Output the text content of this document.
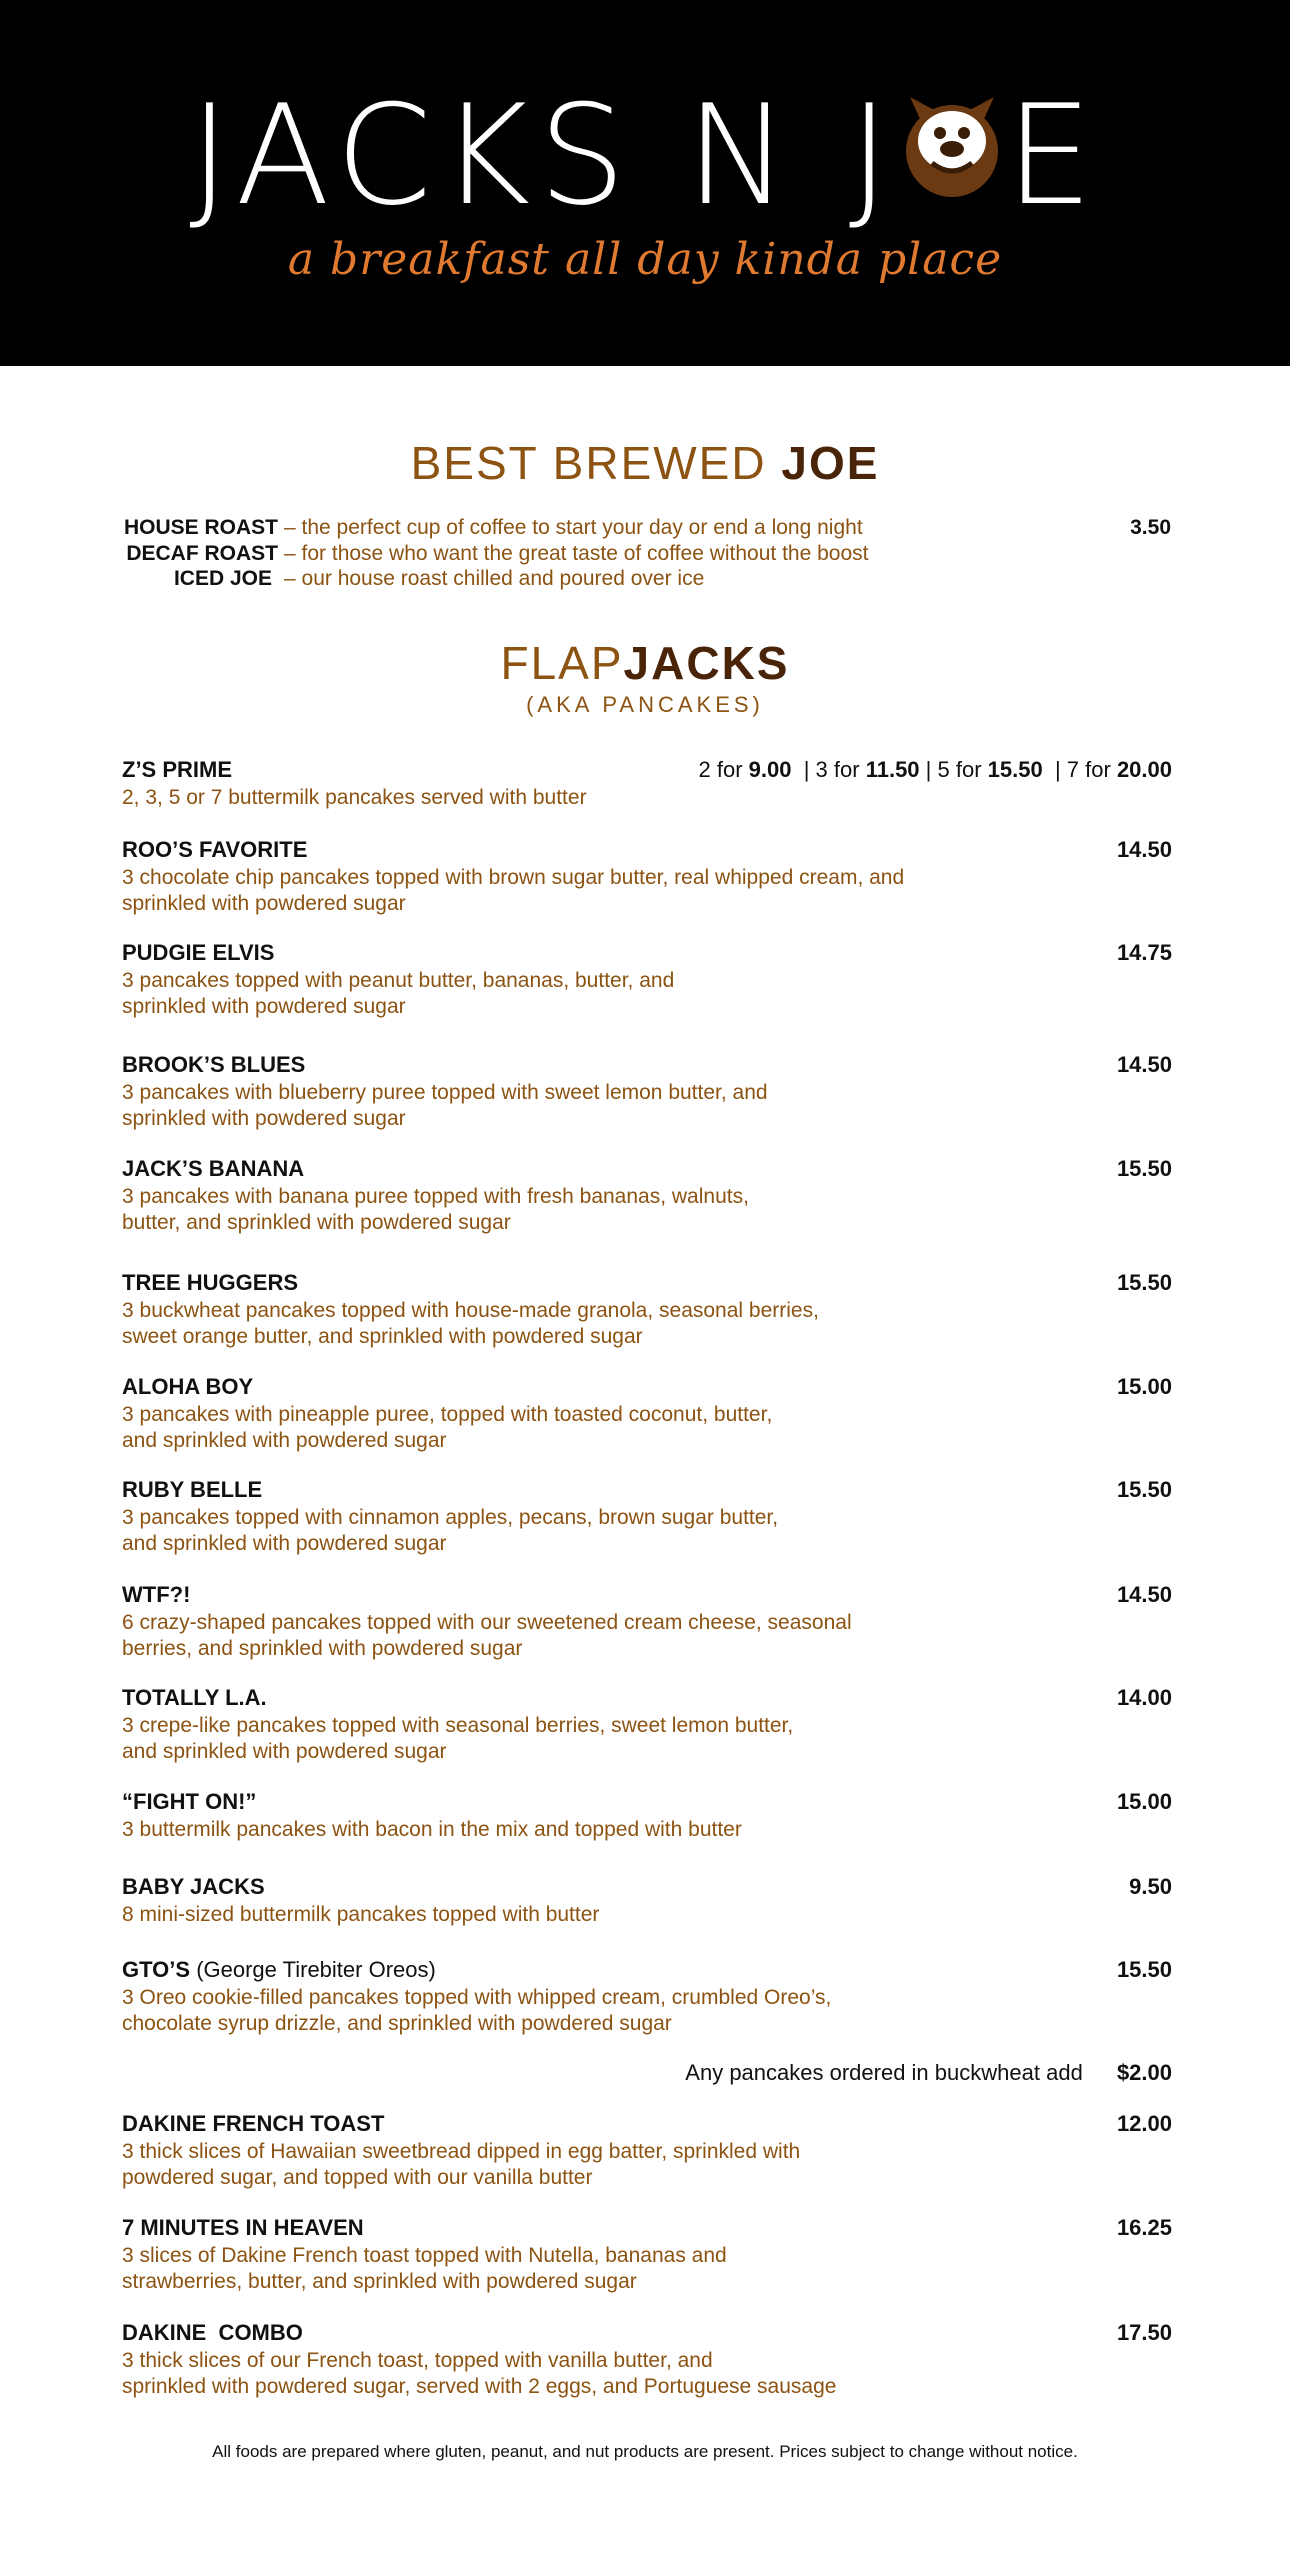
JACKS N J E
a breakfast all day kinda place
BEST BREWED JOE
HOUSE ROAST – the perfect cup of coffee to start your day or end a long night	3.50
DECAF ROAST – for those who want the great taste of coffee without the boost
ICED JOE – our house roast chilled and poured over ice
FLAPJACKS
(AKA PANCAKES)
Z’S PRIME
2, 3, 5 or 7 buttermilk pancakes served with butter
2 for 9.00  | 3 for 11.50 | 5 for 15.50  | 7 for 20.00
ROO’S FAVORITE
3 chocolate chip pancakes topped with brown sugar butter, real whipped cream, and
sprinkled with powdered sugar
14.50
PUDGIE ELVIS
3 pancakes topped with peanut butter, bananas, butter, and
sprinkled with powdered sugar
14.75
BROOK’S BLUES
3 pancakes with blueberry puree topped with sweet lemon butter, and
sprinkled with powdered sugar
14.50
JACK’S BANANA
3 pancakes with banana puree topped with fresh bananas, walnuts,
butter, and sprinkled with powdered sugar
15.50
TREE HUGGERS
3 buckwheat pancakes topped with house-made granola, seasonal berries,
sweet orange butter, and sprinkled with powdered sugar
15.50
ALOHA BOY
3 pancakes with pineapple puree, topped with toasted coconut, butter,
and sprinkled with powdered sugar
15.00
RUBY BELLE
3 pancakes topped with cinnamon apples, pecans, brown sugar butter,
and sprinkled with powdered sugar
15.50
WTF?!
6 crazy-shaped pancakes topped with our sweetened cream cheese, seasonal
berries, and sprinkled with powdered sugar
14.50
TOTALLY L.A.
3 crepe-like pancakes topped with seasonal berries, sweet lemon butter,
and sprinkled with powdered sugar
14.00
“FIGHT ON!”
3 buttermilk pancakes with bacon in the mix and topped with butter
15.00
BABY JACKS
8 mini-sized buttermilk pancakes topped with butter
9.50
GTO’S (George Tirebiter Oreos)
3 Oreo cookie-filled pancakes topped with whipped cream, crumbled Oreo’s,
chocolate syrup drizzle, and sprinkled with powdered sugar
15.50
Any pancakes ordered in buckwheat add $2.00
DAKINE FRENCH TOAST
3 thick slices of Hawaiian sweetbread dipped in egg batter, sprinkled with
powdered sugar, and topped with our vanilla butter
12.00
7 MINUTES IN HEAVEN
3 slices of Dakine French toast topped with Nutella, bananas and
strawberries, butter, and sprinkled with powdered sugar
16.25
DAKINE  COMBO
3 thick slices of our French toast, topped with vanilla butter, and
sprinkled with powdered sugar, served with 2 eggs, and Portuguese sausage
17.50
All foods are prepared where gluten, peanut, and nut products are present. Prices subject to change without notice.
